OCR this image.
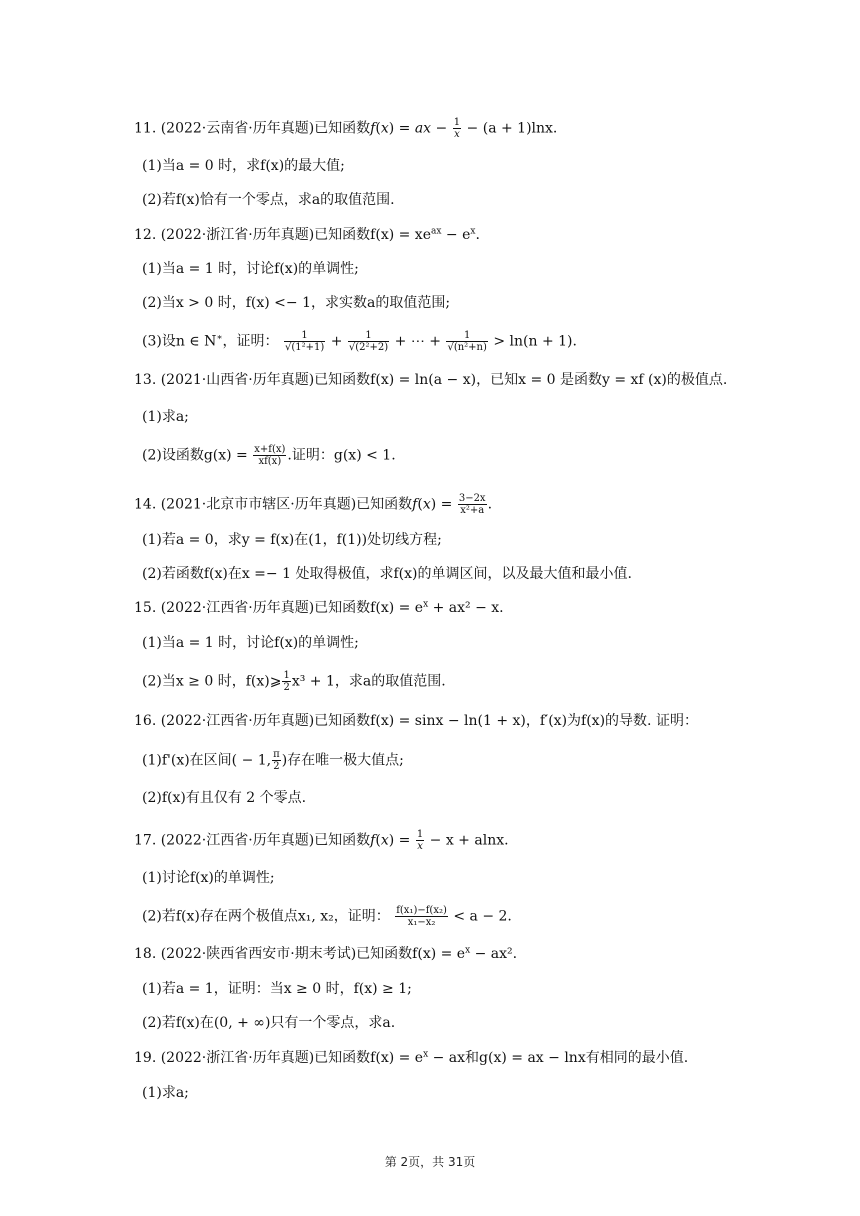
11. (2022·云南省·历年真题)已知函数f(x) = ax − $\frac{1}{x} - (a + 1)\ln x$.
(1)当a = 0 时，求f(x)的最大值;
(2)若f(x)恰有一个零点，求a的取值范围.
12. (2022·浙江省·历年真题)已知函数$f(x) = xe^{ax} - e^x$.
(1)当a = 1 时，讨论f(x)的单调性;
(2)当x > 0 时，f(x) <− 1，求实数a的取值范围;
(3)设n ∈ N∗，证明： $\frac{1}{\text{√(1²+1)}} + \frac{1}{\text{√(2²+2)}}$ + ⋯ + $\frac{1}{\text{√(n²+n)}} > \ln(n + 1)$.
13. (2021·山西省·历年真题)已知函数f(x) = ln(a − x)，已知x = 0 是函数y = xf (x)的极值点.
(1)求a;
(2)设函数$g(x) = \frac{x+f(x)}{xf(x)}$ .证明：g(x) < 1.
14. (2021·北京市市辖区·历年真题)已知函数$f(x) = \frac{3-2x}{\text{x²+a}}$ .
(1)若a = 0，求y = f(x)在(1，f(1))处切线方程;
(2)若函数f(x)在x =− 1 处取得极值，求f(x)的单调区间，以及最大值和最小值.
15. (2022·江西省·历年真题)已知函数$f(x) = e^x + ax^2 - x$.
(1)当a = 1 时，讨论f(x)的单调性;
(2)当x ≥ 0 时，f(x)⩾ $\frac{1}{2} x^3 + 1$，求a的取值范围.
16. (2022·江西省·历年真题)已知函数f(x) = sinx − ln(1 + x)，f′(x)为f(x)的导数. 证明：
(1)f'(x)在区间( − 1, $\frac{\pi}{2}$ )存在唯一极大值点;
(2)f(x)有且仅有 2 个零点.
17. (2022·江西省·历年真题)已知函数$f(x) = \frac{1}{x} - x + alnx$.
(1)讨论f(x)的单调性;
(2)若f(x)存在两个极值点x₁, x₂，证明： $\frac{\text{f(x₁)−f(x₂)}}{\text{x₁−x₂}} < a - 2$.
18. (2022·陕西省西安市·期末考试)已知函数$f(x) = e^x - ax^2$.
(1)若a = 1，证明：当x ≥ 0 时，f(x) ≥ 1;
(2)若f(x)在(0, + ∞)只有一个零点，求a.
19. (2022·浙江省·历年真题)已知函数$f(x) = e^x$ − ax和g(x) = ax − lnx有相同的最小值.
(1)求a;
第 2页，共 31页
